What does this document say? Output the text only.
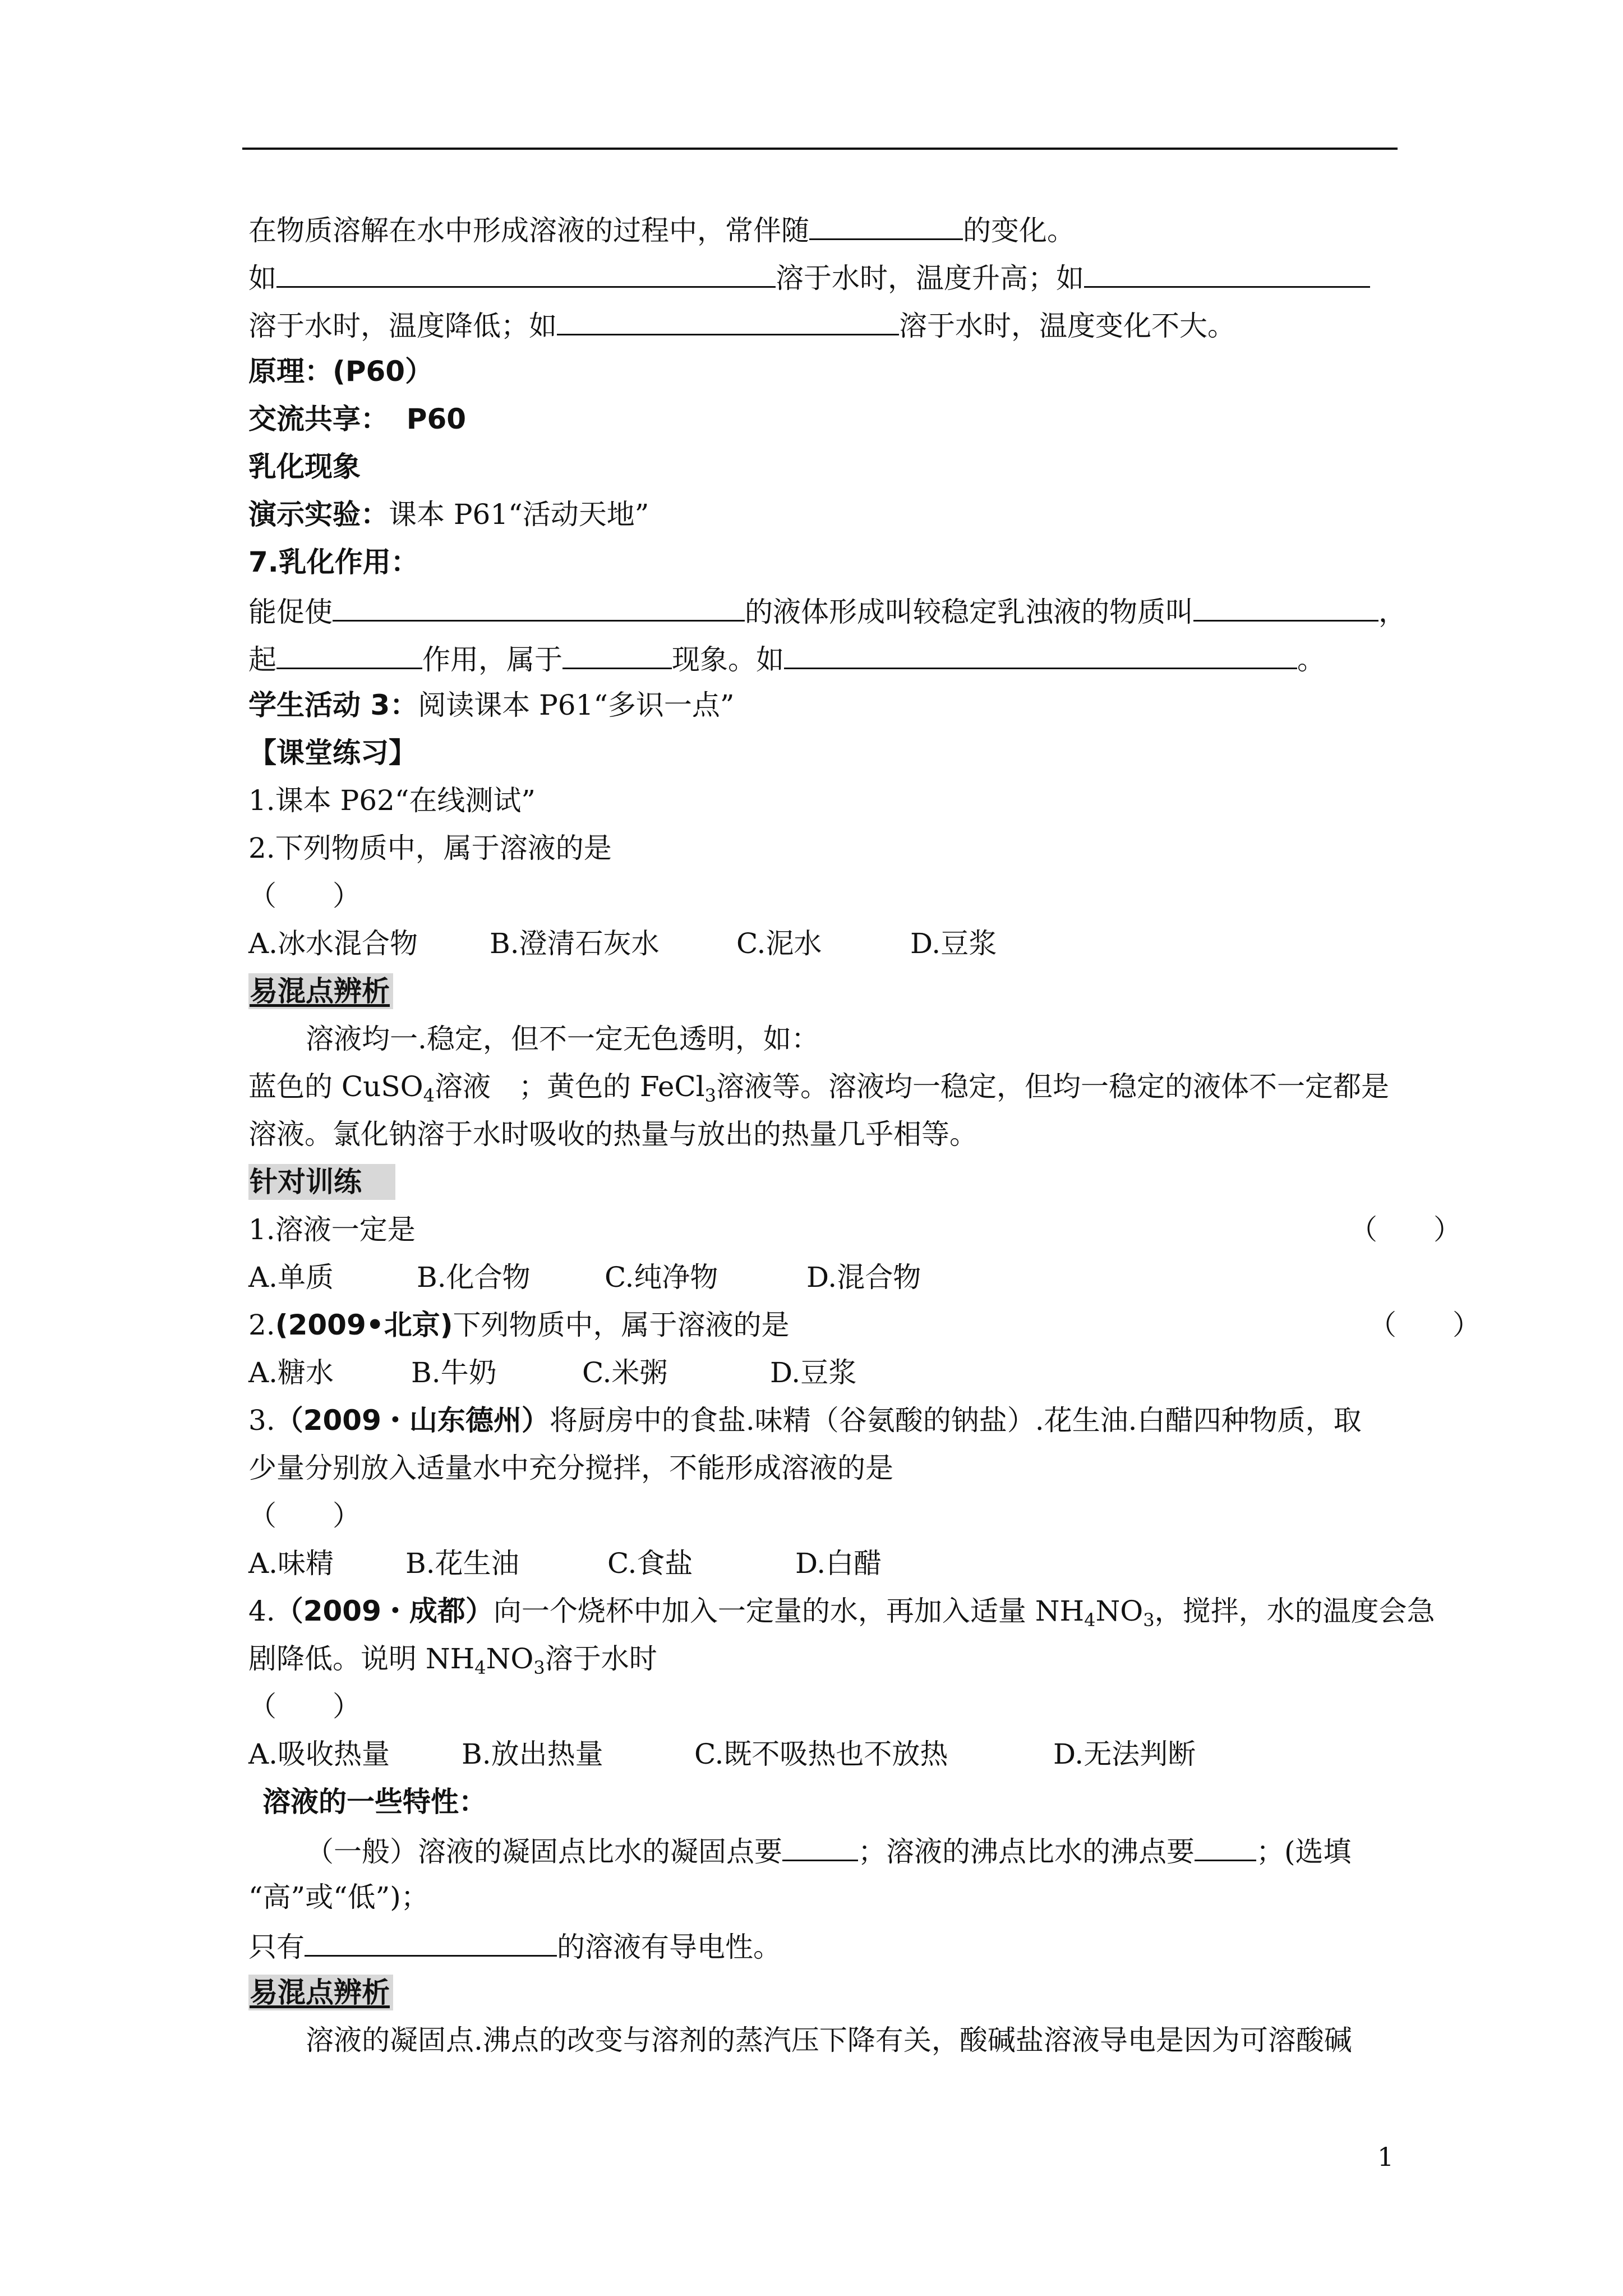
在物质溶解在水中形成溶液的过程中，常伴随	的变化。
如	溶于水时，温度升高；如
溶于水时，温度降低；如	溶于水时，温度变化不大。
原理：(P60）
交流共享： P60
乳化现象
演示实验：课本 P61“活动天地”
7.乳化作用：
能促使	的液体形成叫较稳定乳浊液的物质叫	，
起	作用，属于	现象。如	。
学生活动 3：阅读课本 P61“多识一点”
【课堂练习】
1.课本 P62“在线测试”
2.下列物质中，属于溶液的是
（　　）
A.冰水混合物	B.澄清石灰水	C.泥水	D.豆浆
易混点辨析
溶液均一.稳定，但不一定无色透明，如：
蓝色的 CuSO$_4$溶液　；黄色的 FeCl$_3$溶液等。溶液均一稳定，但均一稳定的液体不一定都是
溶液。氯化钠溶于水时吸收的热量与放出的热量几乎相等。
针对训练
1.溶液一定是	（　　）
A.单质	B.化合物	C.纯净物	D.混合物
2.(2009•北京)下列物质中，属于溶液的是	（　　）
A.糖水	B.牛奶	C.米粥	D.豆浆
3.（2009・山东德州）将厨房中的食盐.味精（谷氨酸的钠盐）.花生油.白醋四种物质，取
少量分别放入适量水中充分搅拌，不能形成溶液的是
（　　）
A.味精	B.花生油	C.食盐	D.白醋
4.（2009・成都）向一个烧杯中加入一定量的水，再加入适量 $NH_4NO_3$，搅拌，水的温度会急
剧降低。说明 $NH_4NO_3$溶于水时
（　　）
A.吸收热量	B.放出热量	C.既不吸热也不放热	D.无法判断
溶液的一些特性：
（一般）溶液的凝固点比水的凝固点要	；溶液的沸点比水的沸点要 ；(选填
“高”或“低”)；
只有	的溶液有导电性。
易混点辨析
溶液的凝固点.沸点的改变与溶剂的蒸汽压下降有关，酸碱盐溶液导电是因为可溶酸碱
1
